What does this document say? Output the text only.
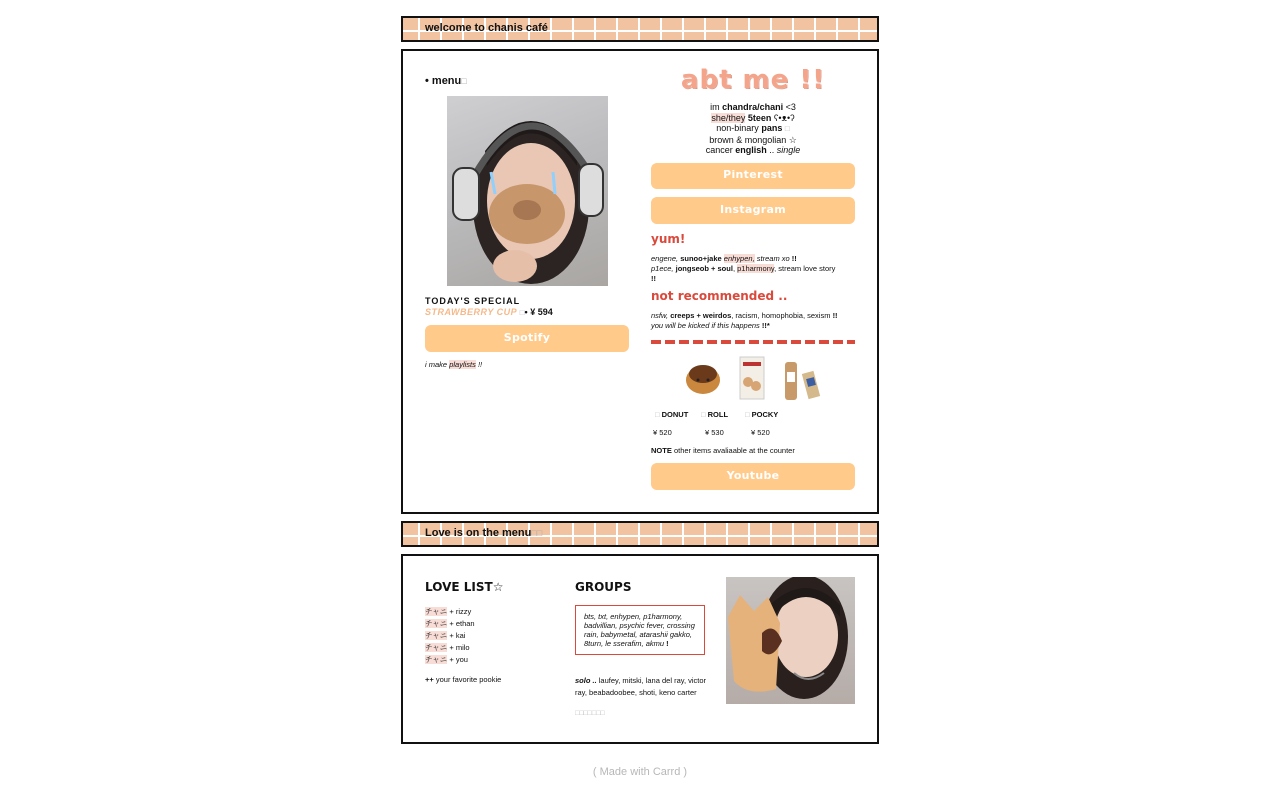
welcome to chanis café
• menu□
TODAY'S SPECIAL
STRAWBERRY CUP □• ¥ 594
Spotify
i make playlists !!
abt me !!
im chandra/chani <3
she/they 5teen ʕ•ᴥ•ʔ
non-binary pans □
brown & mongolian ☆
cancer english .. single
Pinterest
Instagram
yum!
engene, sunoo+jake enhypen, stream xo !!
p1ece, jongseob + soul, p1harmony, stream love story
!!
not recommended ..
nsfw, creeps + weirdos, racism, homophobia, sexism !!
you will be kicked if this happens !!*
□ DONUT
¥ 520
□ ROLL
¥ 530
□ POCKY
¥ 520
NOTE other items avaliaable at the counter
Youtube
Love is on the menu□□
LOVE LIST☆
チャニ + rizzy
チャニ + ethan
チャニ + kai
チャニ + milo
チャニ + you
++ your favorite pookie
GROUPS
bts, txt, enhypen, p1harmony, badvillian, psychic fever, crossing rain, babymetal, atarashii gakko, 8turn, le sserafim, akmu !
solo .. laufey, mitski, lana del ray, victor ray, beabadoobee, shoti, keno carter
□□□□□□□
( Made with Carrd )
